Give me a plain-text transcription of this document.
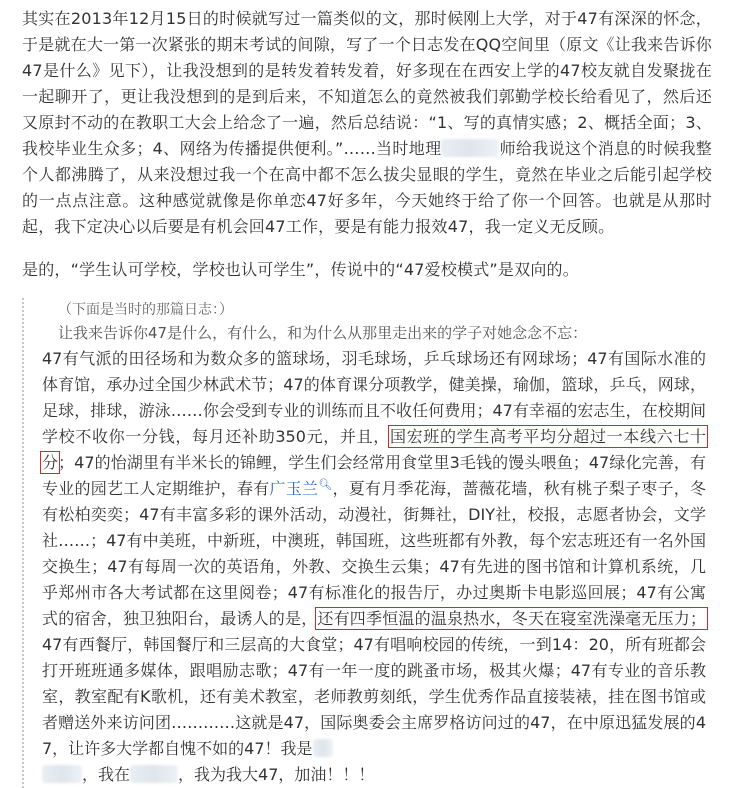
其实在2013年12月15日的时候就写过一篇类似的文，那时候刚上大学，对于47有深深的怀念，于是就在大一第一次紧张的期末考试的间隙，写了一个日志发在QQ空间里（原文《让我来告诉你47是什么》见下），让我没想到的是转发着转发着，好多现在在西安上学的47校友就自发聚拢在一起聊开了，更让我没想到的是到后来，不知道怎么的竟然被我们郭勤学校长给看见了，然后还又原封不动的在教职工大会上给念了一遍，然后总结说：“1、写的真情实感；2、概括全面；3、我校毕业生众多；4、网络为传播提供便利。”……当时地理	师给我说这个消息的时候我整个人都沸腾了，从来没想过我一个在高中都不怎么拔尖显眼的学生，竟然在毕业之后能引起学校的一点点注意。这种感觉就像是你单恋47好多年，今天她终于给了你一个回答。也就是从那时起，我下定决心以后要是有机会回47工作，要是有能力报效47，我一定义无反顾。

是的，“学生认可学校，学校也认可学生”，传说中的“47爱校模式”是双向的。

（下面是当时的那篇日志：）

让我来告诉你47是什么，有什么，和为什么从那里走出来的学子对她念念不忘：

47有气派的田径场和为数众多的篮球场，羽毛球场，乒乓球场还有网球场；47有国际水准的体育馆，承办过全国少林武术节；47的体育课分项教学，健美操，瑜伽，篮球，乒乓，网球，足球，排球，游泳……你会受到专业的训练而且不收任何费用；47有幸福的宏志生，在校期间学校不收你一分钱，每月还补助350元，并且，国宏班的学生高考平均分超过一本线六七十分；47的怡湖里有半米长的锦鲤，学生们会经常用食堂里3毛钱的馒头喂鱼；47绿化完善，有专业的园艺工人定期维护，春有广玉兰🔍︎，夏有月季花海，蔷薇花墙，秋有桃子梨子枣子，冬有松柏奕奕；47有丰富多彩的课外活动，动漫社，街舞社，DIY社，校报，志愿者协会，文学社……；47有中美班，中新班，中澳班，韩国班，这些班都有外教，每个宏志班还有一名外国交换生；47有每周一次的英语角，外教、交换生云集；47有先进的图书馆和计算机系统，几乎郑州市各大考试都在这里阅卷；47有标准化的报告厅，办过奥斯卡电影巡回展；47有公寓式的宿舍，独卫独阳台，最诱人的是，还有四季恒温的温泉热水，冬天在寝室洗澡毫无压力；47有西餐厅，韩国餐厅和三层高的大食堂；47有唱响校园的传统，一到14：20，所有班都会打开班班通多媒体，跟唱励志歌；47有一年一度的跳蚤市场，极其火爆；47有专业的音乐教室，教室配有K歌机，还有美术教室，老师教剪刻纸，学生优秀作品直接装裱，挂在图书馆或者赠送外来访问团…………这就是47，国际奥委会主席罗格访问过的47，在中原迅猛发展的47，让许多大学都自愧不如的47！我是
，我在	，我为我大47，加油！！！
